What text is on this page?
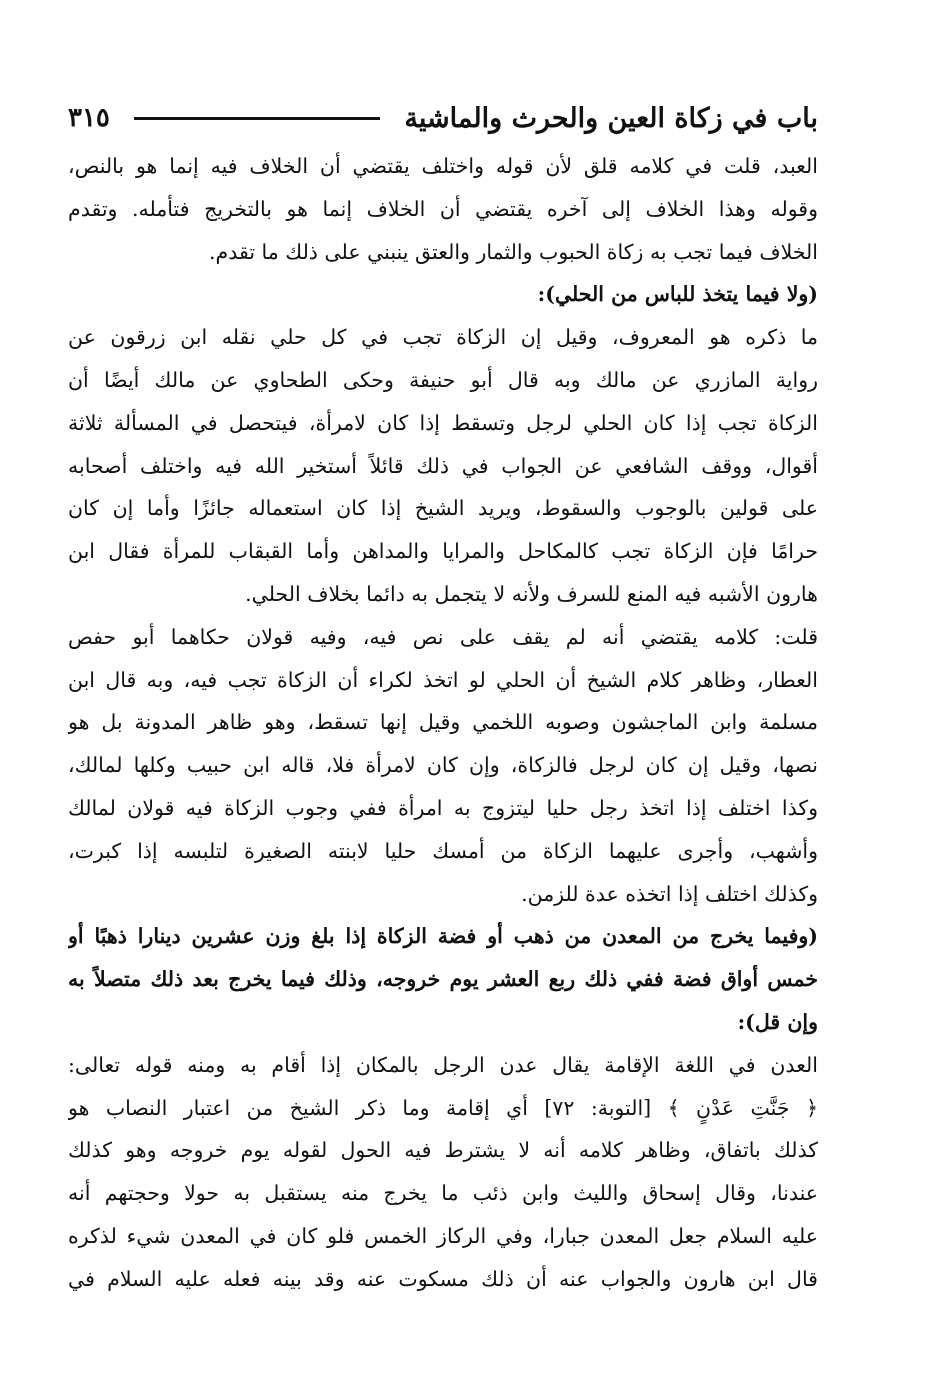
باب في زكاة العين والحرث والماشية
٣١٥
العبد، قلت في كلامه قلق لأن قوله واختلف يقتضي أن الخلاف فيه إنما هو بالنص،
وقوله وهذا الخلاف إلى آخره يقتضي أن الخلاف إنما هو بالتخريج فتأمله. وتقدم
الخلاف فيما تجب به زكاة الحبوب والثمار والعتق ينبني على ذلك ما تقدم.
(ولا فيما يتخذ للباس من الحلي):
ما ذكره هو المعروف، وقيل إن الزكاة تجب في كل حلي نقله ابن زرقون عن
رواية المازري عن مالك وبه قال أبو حنيفة وحكى الطحاوي عن مالك أيضًا أن
الزكاة تجب إذا كان الحلي لرجل وتسقط إذا كان لامرأة، فيتحصل في المسألة ثلاثة
أقوال، ووقف الشافعي عن الجواب في ذلك قائلاً أستخير الله فيه واختلف أصحابه
على قولين بالوجوب والسقوط، ويريد الشيخ إذا كان استعماله جائزًا وأما إن كان
حرامًا فإن الزكاة تجب كالمكاحل والمرايا والمداهن وأما القبقاب للمرأة فقال ابن
هارون الأشبه فيه المنع للسرف ولأنه لا يتجمل به دائما بخلاف الحلي.
قلت: كلامه يقتضي أنه لم يقف على نص فيه، وفيه قولان حكاهما أبو حفص
العطار، وظاهر كلام الشيخ أن الحلي لو اتخذ لكراء أن الزكاة تجب فيه، وبه قال ابن
مسلمة وابن الماجشون وصوبه اللخمي وقيل إنها تسقط، وهو ظاهر المدونة بل هو
نصها، وقيل إن كان لرجل فالزكاة، وإن كان لامرأة فلا، قاله ابن حبيب وكلها لمالك،
وكذا اختلف إذا اتخذ رجل حليا ليتزوج به امرأة ففي وجوب الزكاة فيه قولان لمالك
وأشهب، وأجرى عليهما الزكاة من أمسك حليا لابنته الصغيرة لتلبسه إذا كبرت،
وكذلك اختلف إذا اتخذه عدة للزمن.
(وفيما يخرج من المعدن من ذهب أو فضة الزكاة إذا بلغ وزن عشرين دينارا ذهبًا أو
خمس أواق فضة ففي ذلك ربع العشر يوم خروجه، وذلك فيما يخرج بعد ذلك متصلاً به
وإن قل):
العدن في اللغة الإقامة يقال عدن الرجل بالمكان إذا أقام به ومنه قوله تعالى:
﴿ جَنَّتِ عَدْنٍ ﴾ [التوبة: ٧٢] أي إقامة وما ذكر الشيخ من اعتبار النصاب هو
كذلك باتفاق، وظاهر كلامه أنه لا يشترط فيه الحول لقوله يوم خروجه وهو كذلك
عندنا، وقال إسحاق والليث وابن ذئب ما يخرج منه يستقبل به حولا وحجتهم أنه
عليه السلام جعل المعدن جبارا، وفي الركاز الخمس فلو كان في المعدن شيء لذكره
قال ابن هارون والجواب عنه أن ذلك مسكوت عنه وقد بينه فعله عليه السلام في
